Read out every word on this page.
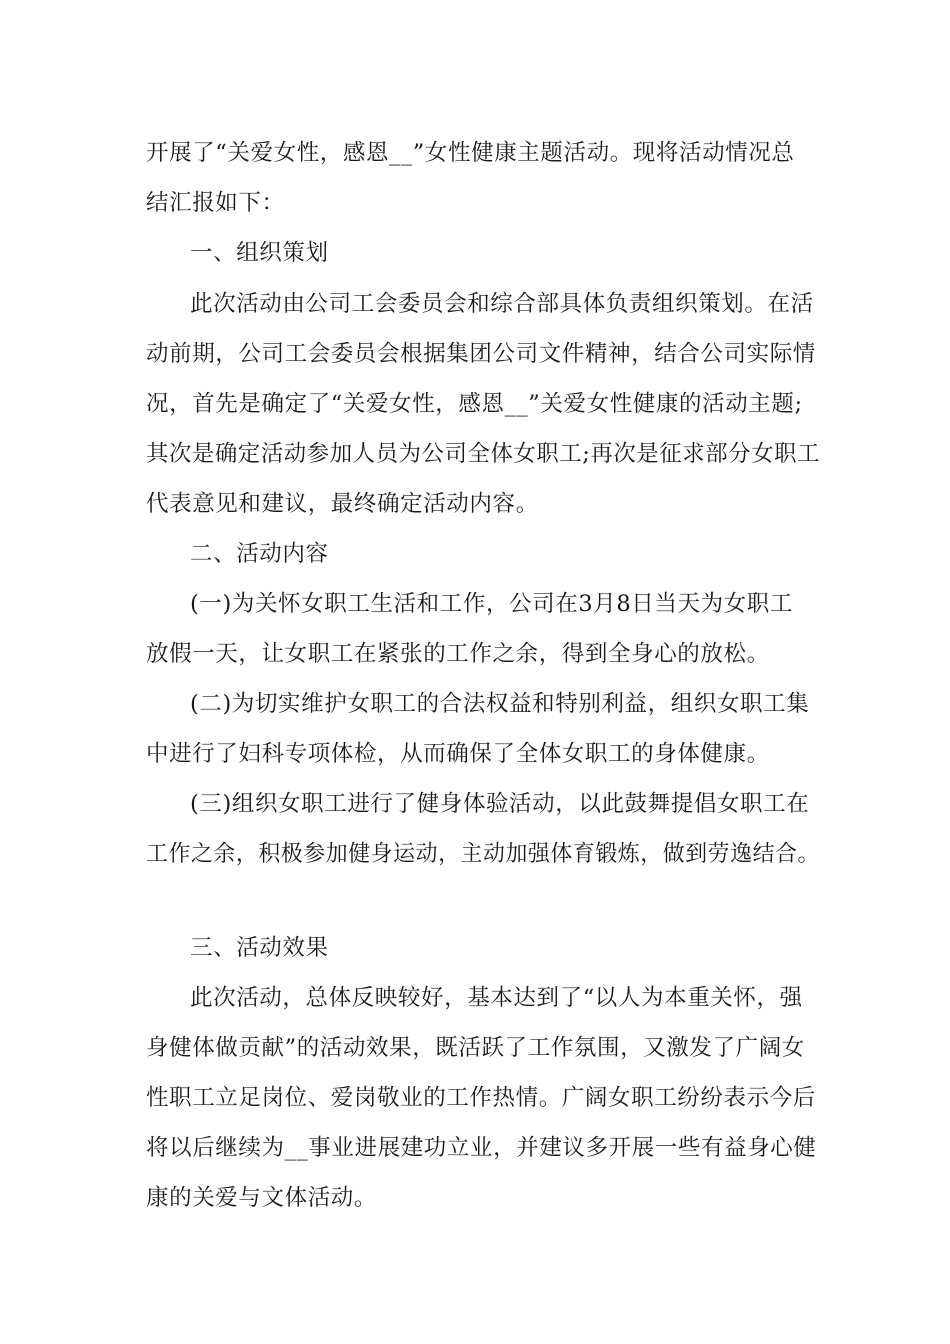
开展了“关爱女性，感恩__”女性健康主题活动。现将活动情况总
结汇报如下：
一、组织策划
此次活动由公司工会委员会和综合部具体负责组织策划。在活
动前期，公司工会委员会根据集团公司文件精神，结合公司实际情
况，首先是确定了“关爱女性，感恩__”关爱女性健康的活动主题;
其次是确定活动参加人员为公司全体女职工;再次是征求部分女职工
代表意见和建议，最终确定活动内容。
二、活动内容
(一)为关怀女职工生活和工作，公司在3月8日当天为女职工
放假一天，让女职工在紧张的工作之余，得到全身心的放松。
(二)为切实维护女职工的合法权益和特别利益，组织女职工集
中进行了妇科专项体检，从而确保了全体女职工的身体健康。
(三)组织女职工进行了健身体验活动，以此鼓舞提倡女职工在
工作之余，积极参加健身运动，主动加强体育锻炼，做到劳逸结合。
三、活动效果
此次活动，总体反映较好，基本达到了“以人为本重关怀，强
身健体做贡献”的活动效果，既活跃了工作氛围，又激发了广阔女
性职工立足岗位、爱岗敬业的工作热情。广阔女职工纷纷表示今后
将以后继续为__事业进展建功立业，并建议多开展一些有益身心健
康的关爱与文体活动。
